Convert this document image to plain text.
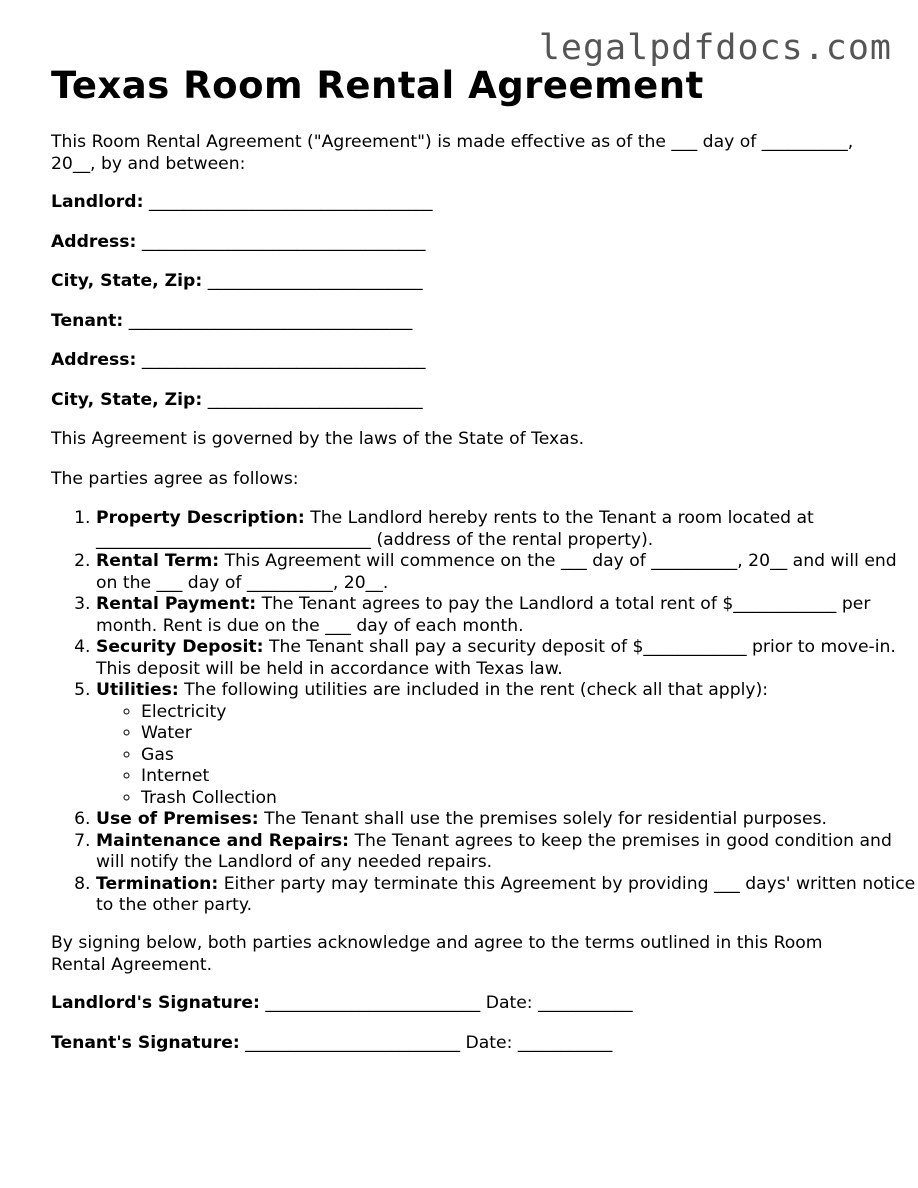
legalpdfdocs.com
Texas Room Rental Agreement
This Room Rental Agreement ("Agreement") is made effective as of the ___ day of __________, 20__, by and between:
Landlord: _________________________________
Address: _________________________________
City, State, Zip: _________________________
Tenant: _________________________________
Address: _________________________________
City, State, Zip: _________________________
This Agreement is governed by the laws of the State of Texas.
The parties agree as follows:
1. Property Description: The Landlord hereby rents to the Tenant a room located at ________________________________ (address of the rental property).
2. Rental Term: This Agreement will commence on the ___ day of __________, 20__ and will end on the ___ day of __________, 20__.
3. Rental Payment: The Tenant agrees to pay the Landlord a total rent of $____________ per month. Rent is due on the ___ day of each month.
4. Security Deposit: The Tenant shall pay a security deposit of $____________ prior to move-in. This deposit will be held in accordance with Texas law.
5. Utilities: The following utilities are included in the rent (check all that apply):
◦ Electricity
◦ Water
◦ Gas
◦ Internet
◦ Trash Collection
6. Use of Premises: The Tenant shall use the premises solely for residential purposes.
7. Maintenance and Repairs: The Tenant agrees to keep the premises in good condition and will notify the Landlord of any needed repairs.
8. Termination: Either party may terminate this Agreement by providing ___ days' written notice to the other party.
By signing below, both parties acknowledge and agree to the terms outlined in this Room Rental Agreement.
Landlord's Signature: _________________________ Date: ___________
Tenant's Signature: _________________________ Date: ___________
